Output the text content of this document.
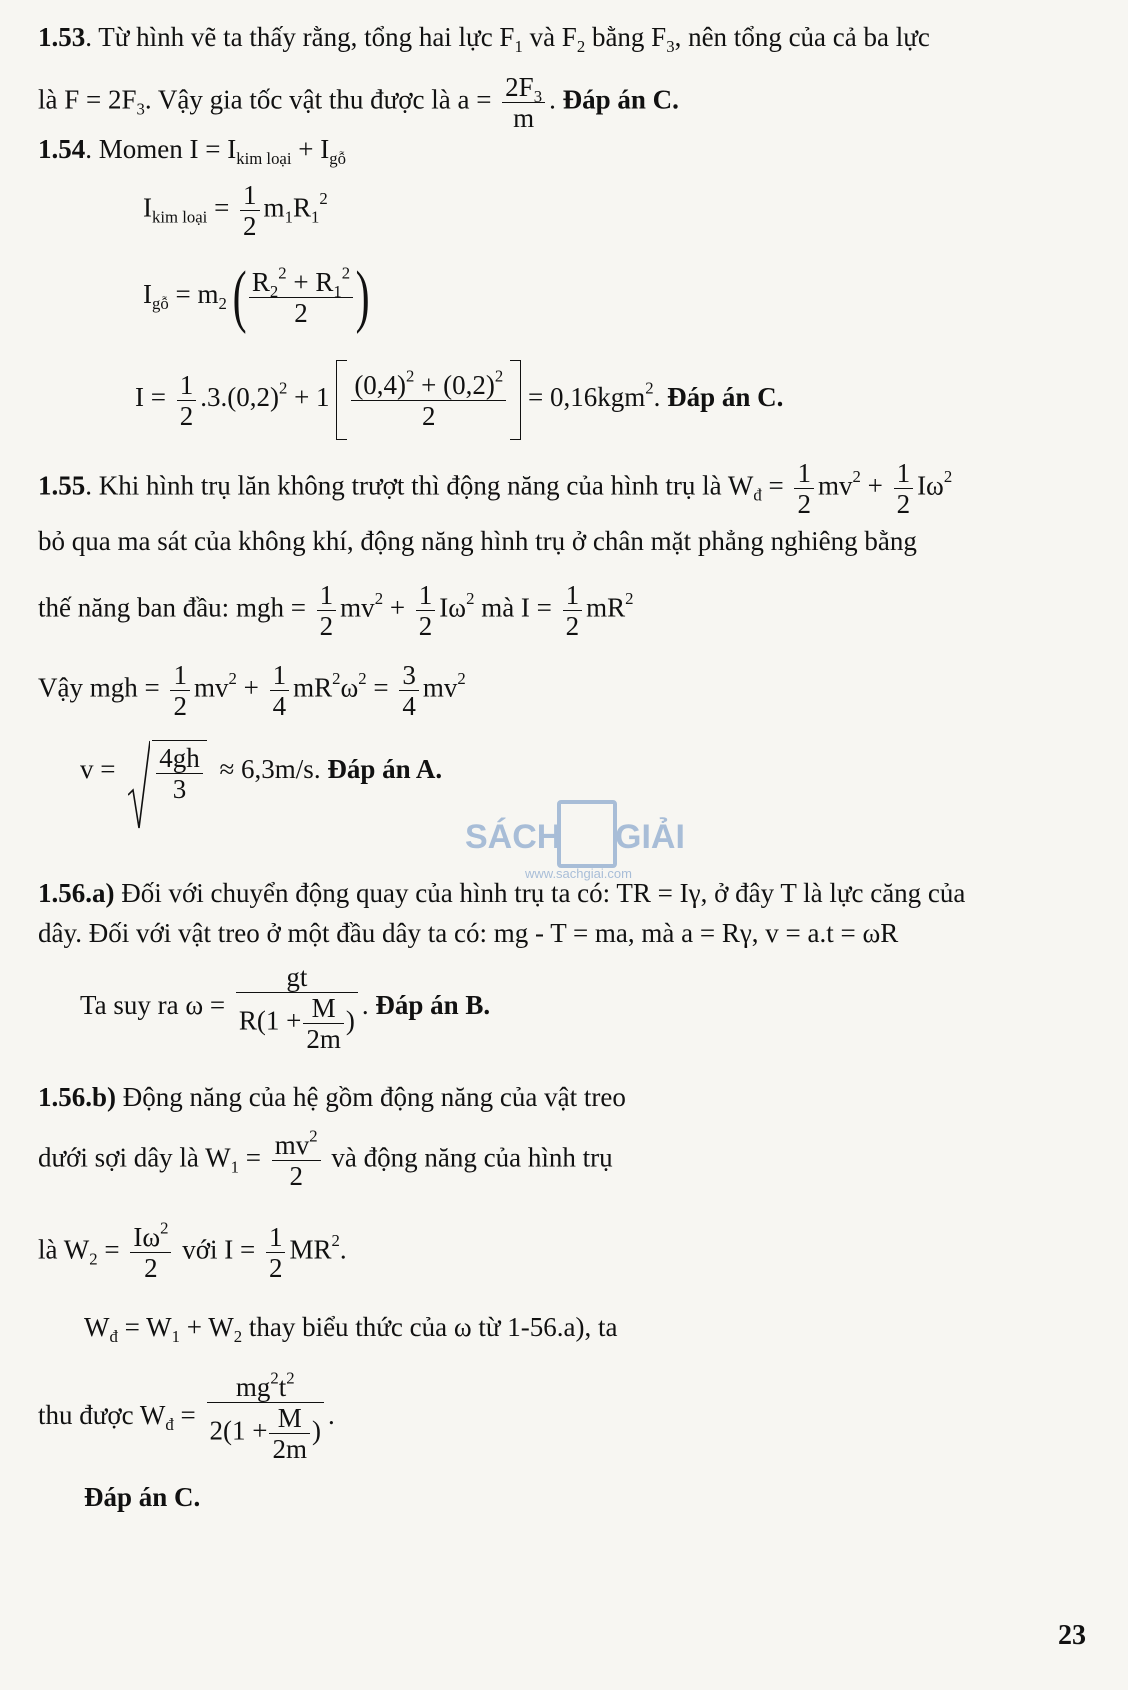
1.53. Từ hình vẽ ta thấy rằng, tổng hai lực $F_1$ và $F_2$ bằng $F_3$, nên tổng của cả ba lực
là $F = 2F_3$. Vậy gia tốc vật thu được là $a = \frac{2F_3}{m}$ . Đáp án C.
1.54. Momen $I = I_{kim loại} + I_{gỗ}$
$I_{kim loại} = \frac{1}{2} m_1R_1^2$
$I_{gỗ} = m_2$ ( $\frac{R_2^2 + R_1^2}{2}$ )
$I = \frac{1}{2} .3.(0,2)^2 + 1 \frac{(0,4)^2 + (0,2)^2}{2} = 0,16kgm^2$. Đáp án C.
1.55. Khi hình trụ lăn không trượt thì động năng của hình trụ là $W_đ = \frac{1}{2} mv^2 + \frac{1}{2} I\omega^2$
bỏ qua ma sát của không khí, động năng hình trụ ở chân mặt phẳng nghiêng bằng
thế năng ban đầu: mgh = $\frac{1}{2} mv^2 + \frac{1}{2} I\omega^2$ mà $I = \frac{1}{2} mR^2$
Vậy mgh = $\frac{1}{2} mv^2 + \frac{1}{4} mR^2\omega^2 = \frac{3}{4} mv^2$
$v = \frac{4gh}{3} \approx 6,3m/s$. Đáp án A.
SÁCH GIẢI
www.sachgiai.com
1.56.a) Đối với chuyển động quay của hình trụ ta có: TR = Iγ, ở đây T là lực căng của
dây. Đối với vật treo ở một đầu dây ta có: mg - T = ma, mà a = Rγ, v = a.t = ωR
Ta suy ra $\omega = \frac{gt}{R(1 + \frac{M}{2m} )}$ . Đáp án B.
1.56.b) Động năng của hệ gồm động năng của vật treo
dưới sợi dây là $W_1 = \frac{mv^2}{2}$ và động năng của hình trụ
là $W_2 = \frac{I\omega^2}{2}$ với $I = \frac{1}{2} MR^2$.
$W_đ = W_1 + W_2$ thay biểu thức của ω từ 1-56.a), ta
thu được $W_đ = \frac{mg^2t^2}{2(1 + \frac{M}{2m} )}$ .
Đáp án C.
23
